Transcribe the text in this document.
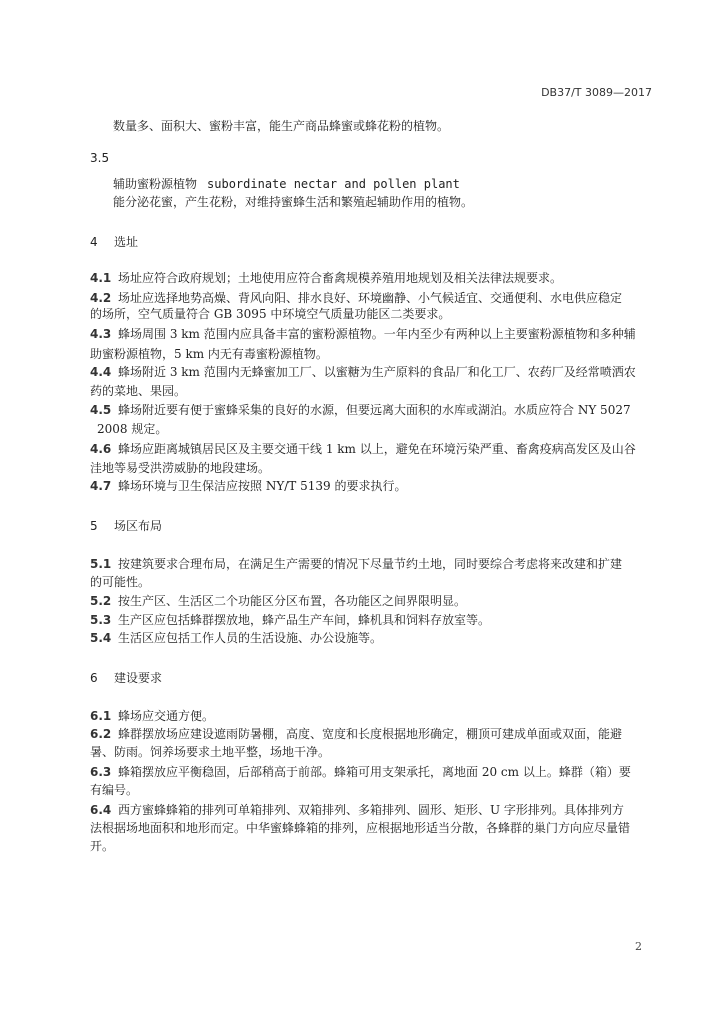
DB37/T 3089—2017
数量多、面积大、蜜粉丰富，能生产商品蜂蜜或蜂花粉的植物。
3.5
辅助蜜粉源植物 subordinate nectar and pollen plant
能分泌花蜜，产生花粉，对维持蜜蜂生活和繁殖起辅助作用的植物。
4 选址
4.1 场址应符合政府规划；土地使用应符合畜禽规模养殖用地规划及相关法律法规要求。
4.2 场址应选择地势高燥、背风向阳、排水良好、环境幽静、小气候适宜、交通便利、水电供应稳定
的场所，空气质量符合 GB 3095 中环境空气质量功能区二类要求。
4.3 蜂场周围 3 km 范围内应具备丰富的蜜粉源植物。一年内至少有两种以上主要蜜粉源植物和多种辅
助蜜粉源植物，5 km 内无有毒蜜粉源植物。
4.4 蜂场附近 3 km 范围内无蜂蜜加工厂、以蜜糖为生产原料的食品厂和化工厂、农药厂及经常喷洒农
药的菜地、果园。
4.5 蜂场附近要有便于蜜蜂采集的良好的水源，但要远离大面积的水库或湖泊。水质应符合 NY 5027
2008 规定。
4.6 蜂场应距离城镇居民区及主要交通干线 1 km 以上，避免在环境污染严重、畜禽疫病高发区及山谷
洼地等易受洪涝威胁的地段建场。
4.7 蜂场环境与卫生保洁应按照 NY/T 5139 的要求执行。
5 场区布局
5.1 按建筑要求合理布局，在满足生产需要的情况下尽量节约土地，同时要综合考虑将来改建和扩建
的可能性。
5.2 按生产区、生活区二个功能区分区布置，各功能区之间界限明显。
5.3 生产区应包括蜂群摆放地，蜂产品生产车间，蜂机具和饲料存放室等。
5.4 生活区应包括工作人员的生活设施、办公设施等。
6 建设要求
6.1 蜂场应交通方便。
6.2 蜂群摆放场应建设遮雨防暑棚，高度、宽度和长度根据地形确定，棚顶可建成单面或双面，能避
暑、防雨。饲养场要求土地平整，场地干净。
6.3 蜂箱摆放应平衡稳固，后部稍高于前部。蜂箱可用支架承托，离地面 20 cm 以上。蜂群（箱）要
有编号。
6.4 西方蜜蜂蜂箱的排列可单箱排列、双箱排列、多箱排列、圆形、矩形、U 字形排列。具体排列方
法根据场地面积和地形而定。中华蜜蜂蜂箱的排列，应根据地形适当分散，各蜂群的巢门方向应尽量错
开。
2
